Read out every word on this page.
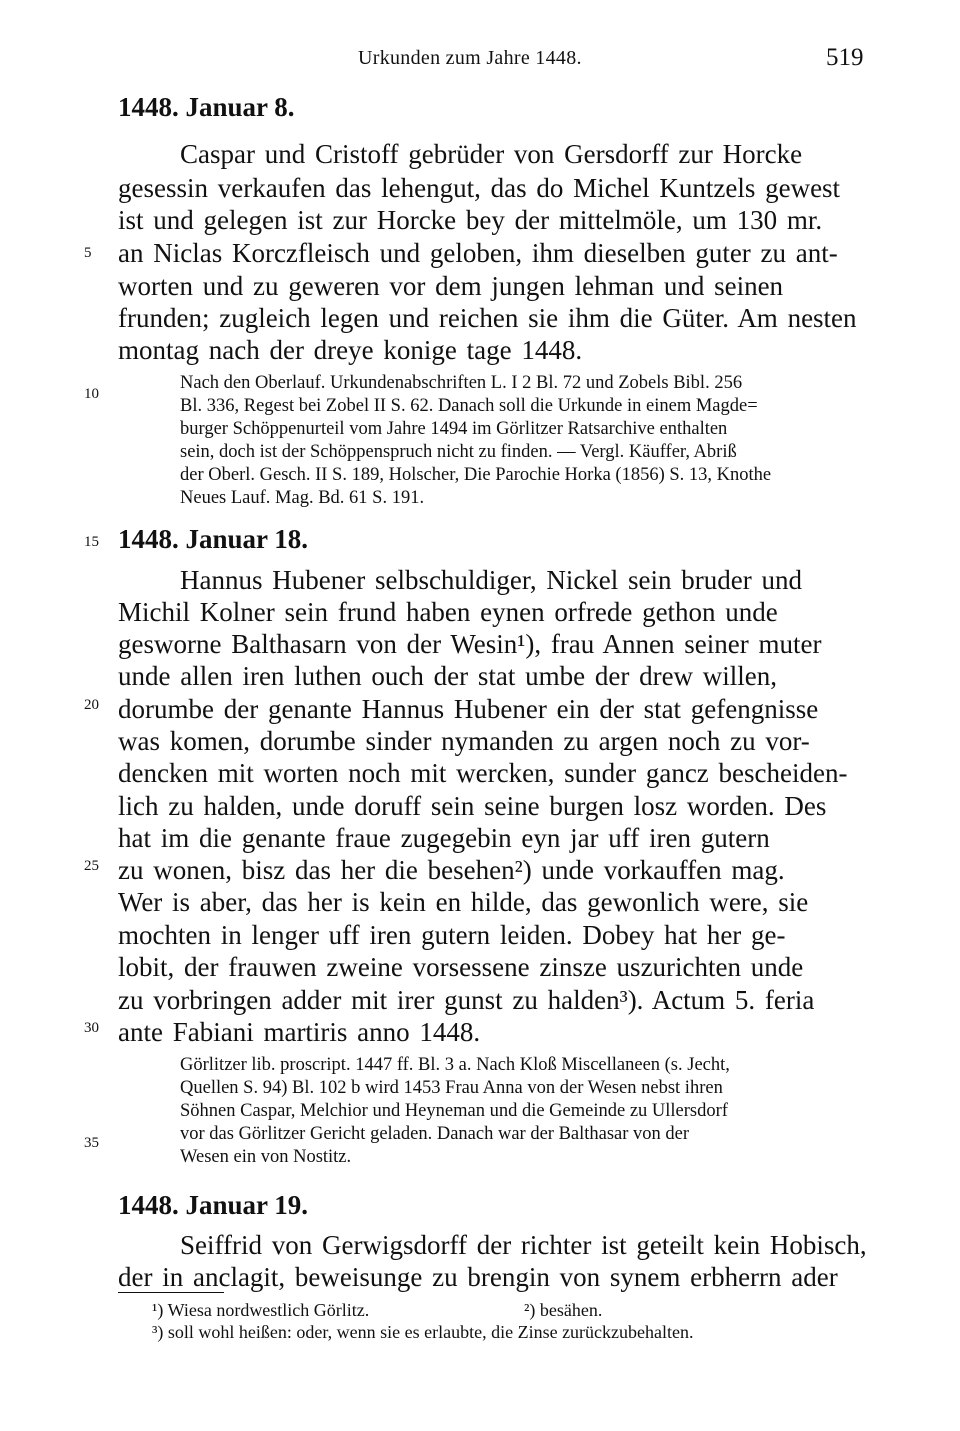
Urkunden zum Jahre 1448.	519
1448. Januar 8.
Caspar und Cristoff gebrüder von Gersdorff zur Horcke
gesessin verkaufen das lehengut, das do Michel Kuntzels gewest
ist und gelegen ist zur Horcke bey der mittelmöle, um 130 mr.
an Niclas Korczfleisch und geloben, ihm dieselben guter zu ant-
worten und zu geweren vor dem jungen lehman und seinen
frunden; zugleich legen und reichen sie ihm die Güter. Am nesten
montag nach der dreye konige tage 1448.
Nach den Oberlauf. Urkundenabschriften L. I 2 Bl. 72 und Zobels Bibl. 256
Bl. 336, Regest bei Zobel II S. 62. Danach soll die Urkunde in einem Magde=
burger Schöppenurteil vom Jahre 1494 im Görlitzer Ratsarchive enthalten
sein, doch ist der Schöppenspruch nicht zu finden. — Vergl. Käuffer, Abriß
der Oberl. Gesch. II S. 189, Holscher, Die Parochie Horka (1856) S. 13, Knothe
Neues Lauf. Mag. Bd. 61 S. 191.
1448. Januar 18.
Hannus Hubener selbschuldiger, Nickel sein bruder und
Michil Kolner sein frund haben eynen orfrede gethon unde
gesworne Balthasarn von der Wesin¹), frau Annen seiner muter
unde allen iren luthen ouch der stat umbe der drew willen,
dorumbe der genante Hannus Hubener ein der stat gefengnisse
was komen, dorumbe sinder nymanden zu argen noch zu vor-
dencken mit worten noch mit wercken, sunder gancz bescheiden-
lich zu halden, unde doruff sein seine burgen losz worden. Des
hat im die genante fraue zugegebin eyn jar uff iren gutern
zu wonen, bisz das her die besehen²) unde vorkauffen mag.
Wer is aber, das her is kein en hilde, das gewonlich were, sie
mochten in lenger uff iren gutern leiden. Dobey hat her ge-
lobit, der frauwen zweine vorsessene zinsze uszurichten unde
zu vorbringen adder mit irer gunst zu halden³). Actum 5. feria
ante Fabiani martiris anno 1448.
Görlitzer lib. proscript. 1447 ff. Bl. 3 a. Nach Kloß Miscellaneen (s. Jecht,
Quellen S. 94) Bl. 102 b wird 1453 Frau Anna von der Wesen nebst ihren
Söhnen Caspar, Melchior und Heyneman und die Gemeinde zu Ullersdorf
vor das Görlitzer Gericht geladen. Danach war der Balthasar von der
Wesen ein von Nostitz.
1448. Januar 19.
Seiffrid von Gerwigsdorff der richter ist geteilt kein Hobisch,
der in anclagit, beweisunge zu brengin von synem erbherrn ader
¹) Wiesa nordwestlich Görlitz.	²) besähen.
³) soll wohl heißen: oder, wenn sie es erlaubte, die Zinse zurückzubehalten.
5
10
15
20
25
30
35
